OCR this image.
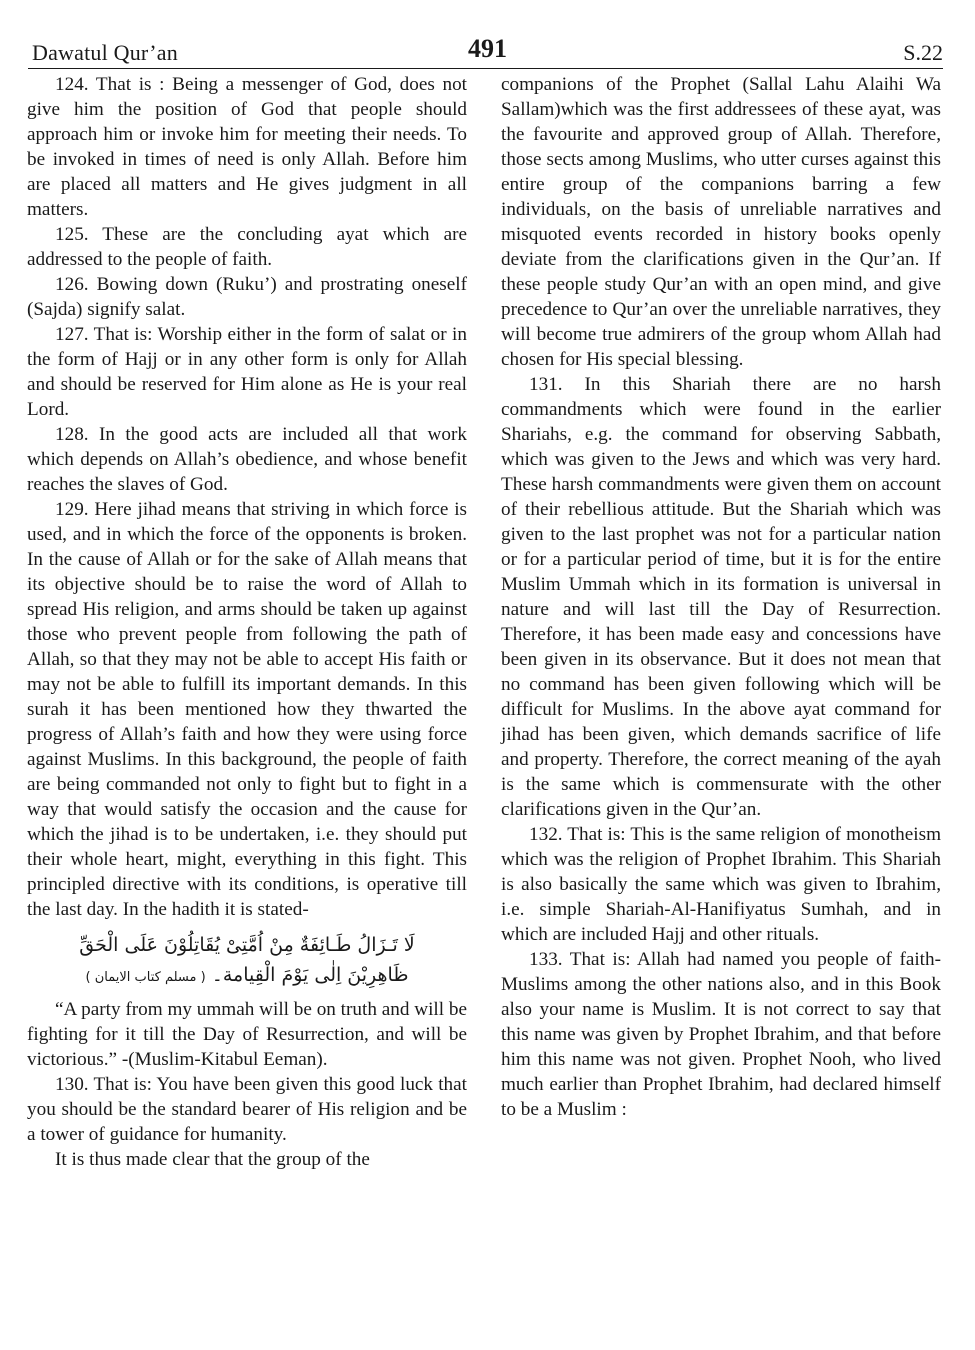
Dawatul Qur’an	491	S.22

124. That is : Being a messenger of God, does not give him the position of God that people should approach him or invoke him for meeting their needs. To be invoked in times of need is only Allah. Before him are placed all matters and He gives judgment in all matters.

125. These are the concluding ayat which are addressed to the people of faith.

126. Bowing down (Ruku’) and prostrating oneself (Sajda) signify salat.

127. That is: Worship either in the form of salat or in the form of Hajj or in any other form is only for Allah and should be reserved for Him alone as He is your real Lord.

128. In the good acts are included all that work which depends on Allah’s obedience, and whose benefit reaches the slaves of God.

129. Here jihad means that striving in which force is used, and in which the force of the opponents is broken. In the cause of Allah or for the sake of Allah means that its objective should be to raise the word of Allah to spread His religion, and arms should be taken up against those who prevent people from following the path of Allah, so that they may not be able to accept His faith or may not be able to fulfill its important demands. In this surah it has been mentioned how they thwarted the progress of Allah’s faith and how they were using force against Muslims. In this background, the people of faith are being commanded not only to fight but to fight in a way that would satisfy the occasion and the cause for which the jihad is to be undertaken, i.e. they should put their whole heart, might, everything in this fight. This principled directive with its conditions, is operative till the last day. In the hadith it is stated-

لَا تَـزَالُ طَـائِفَةٌ مِنْ اُمَّتِیْ یُقَاتِلُوْنَ عَلَی الْحَقِّ
ظَاهِرِیْنَ اِلٰی یَوْمَ الْقِیامة۔ ( مسلم کتاب الایمان )

“A party from my ummah will be on truth and will be fighting for it till the Day of Resurrection, and will be victorious.” -(Muslim-Kitabul Eeman).

130. That is: You have been given this good luck that you should be the standard bearer of His religion and be a tower of guidance for humanity.

It is thus made clear that the group of the

companions of the Prophet (Sallal Lahu Alaihi Wa Sallam)which was the first addressees of these ayat, was the favourite and approved group of Allah. Therefore, those sects among Muslims, who utter curses against this entire group of the companions barring a few individuals, on the basis of unreliable narratives and misquoted events recorded in history books openly deviate from the clarifications given in the Qur’an. If these people study Qur’an with an open mind, and give precedence to Qur’an over the unreliable narratives, they will become true admirers of the group whom Allah had chosen for His special blessing.

131. In this Shariah there are no harsh commandments which were found in the earlier Shariahs, e.g. the command for observing Sabbath, which was given to the Jews and which was very hard. These harsh commandments were given them on account of their rebellious attitude. But the Shariah which was given to the last prophet was not for a particular nation or for a particular period of time, but it is for the entire Muslim Ummah which in its formation is universal in nature and will last till the Day of Resurrection. Therefore, it has been made easy and concessions have been given in its observance. But it does not mean that no command has been given following which will be difficult for Muslims. In the above ayat command for jihad has been given, which demands sacrifice of life and property. Therefore, the correct meaning of the ayah is the same which is commensurate with the other clarifications given in the Qur’an.

132. That is: This is the same religion of monotheism which was the religion of Prophet Ibrahim. This Shariah is also basically the same which was given to Ibrahim, i.e. simple Shariah-Al-Hanifiyatus Sumhah, and in which are included Hajj and other rituals.

133. That is: Allah had named you people of faith- Muslims among the other nations also, and in this Book also your name is Muslim. It is not correct to say that this name was given by Prophet Ibrahim, and that before him this name was not given. Prophet Nooh, who lived much earlier than Prophet Ibrahim, had declared himself to be a Muslim :
